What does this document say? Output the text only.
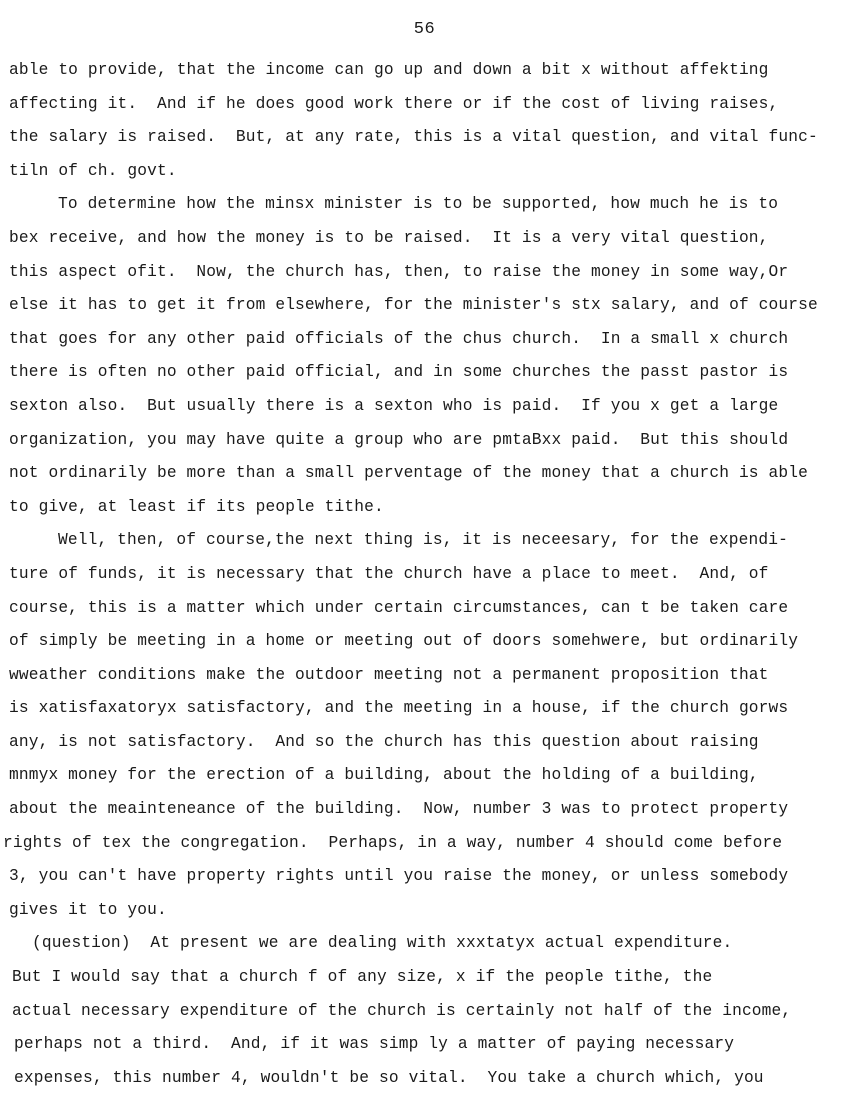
56
able to provide, that the income can go up and down a bit x without affekting
affecting it.  And if he does good work there or if the cost of living raises,
the salary is raised.  But, at any rate, this is a vital question, and vital func-
tiln of ch. govt.
To determine how the minsx minister is to be supported, how much he is to
bex receive, and how the money is to be raised.  It is a very vital question,
this aspect ofit.  Now, the church has, then, to raise the money in some way,Or
else it has to get it from elsewhere, for the minister's stx salary, and of course
that goes for any other paid officials of the chus church.  In a small x church
there is often no other paid official, and in some churches the passt pastor is
sexton also.  But usually there is a sexton who is paid.  If you x get a large
organization, you may have quite a group who are pmtaBxx paid.  But this should
not ordinarily be more than a small perventage of the money that a church is able
to give, at least if its people tithe.
Well, then, of course,the next thing is, it is neceesary, for the expendi-
ture of funds, it is necessary that the church have a place to meet.  And, of
course, this is a matter which under certain circumstances, can t be taken care
of simply be meeting in a home or meeting out of doors somehwere, but ordinarily
wweather conditions make the outdoor meeting not a permanent proposition that
is xatisfaxatoryx satisfactory, and the meeting in a house, if the church gorws
any, is not satisfactory.  And so the church has this question about raising
mnmyx money for the erection of a building, about the holding of a building,
about the meainteneance of the building.  Now, number 3 was to protect property
rights of tex the congregation.  Perhaps, in a way, number 4 should come before
3, you can't have property rights until you raise the money, or unless somebody
gives it to you.
(question)  At present we are dealing with xxxtatyx actual expenditure.
But I would say that a church f of any size, x if the people tithe, the
actual necessary expenditure of the church is certainly not half of the income,
perhaps not a third.  And, if it was simp ly a matter of paying necessary
expenses, this number 4, wouldn't be so vital.  You take a church which, you
